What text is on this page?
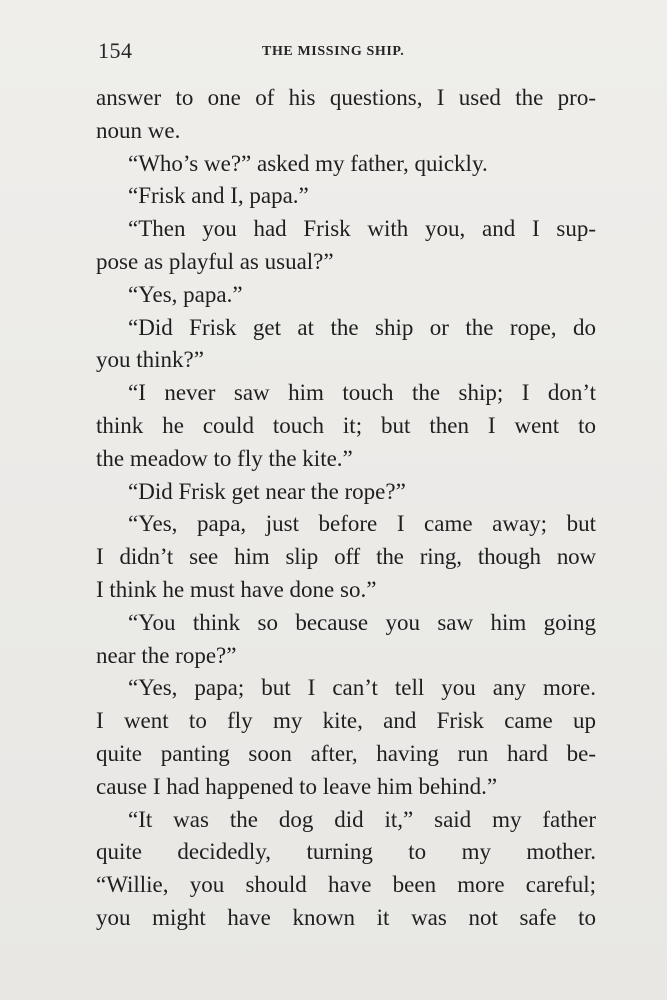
154	THE MISSING SHIP.
answer to one of his questions, I used the pro-
noun we.
“Who’s we?” asked my father, quickly.
“Frisk and I, papa.”
“Then you had Frisk with you, and I sup-
pose as playful as usual?”
“Yes, papa.”
“Did Frisk get at the ship or the rope, do
you think?”
“I never saw him touch the ship; I don’t
think he could touch it; but then I went to
the meadow to fly the kite.”
“Did Frisk get near the rope?”
“Yes, papa, just before I came away; but
I didn’t see him slip off the ring, though now
I think he must have done so.”
“You think so because you saw him going
near the rope?”
“Yes, papa; but I can’t tell you any more.
I went to fly my kite, and Frisk came up
quite panting soon after, having run hard be-
cause I had happened to leave him behind.”
“It was the dog did it,” said my father
quite decidedly, turning to my mother.
“Willie, you should have been more careful;
you might have known it was not safe to
